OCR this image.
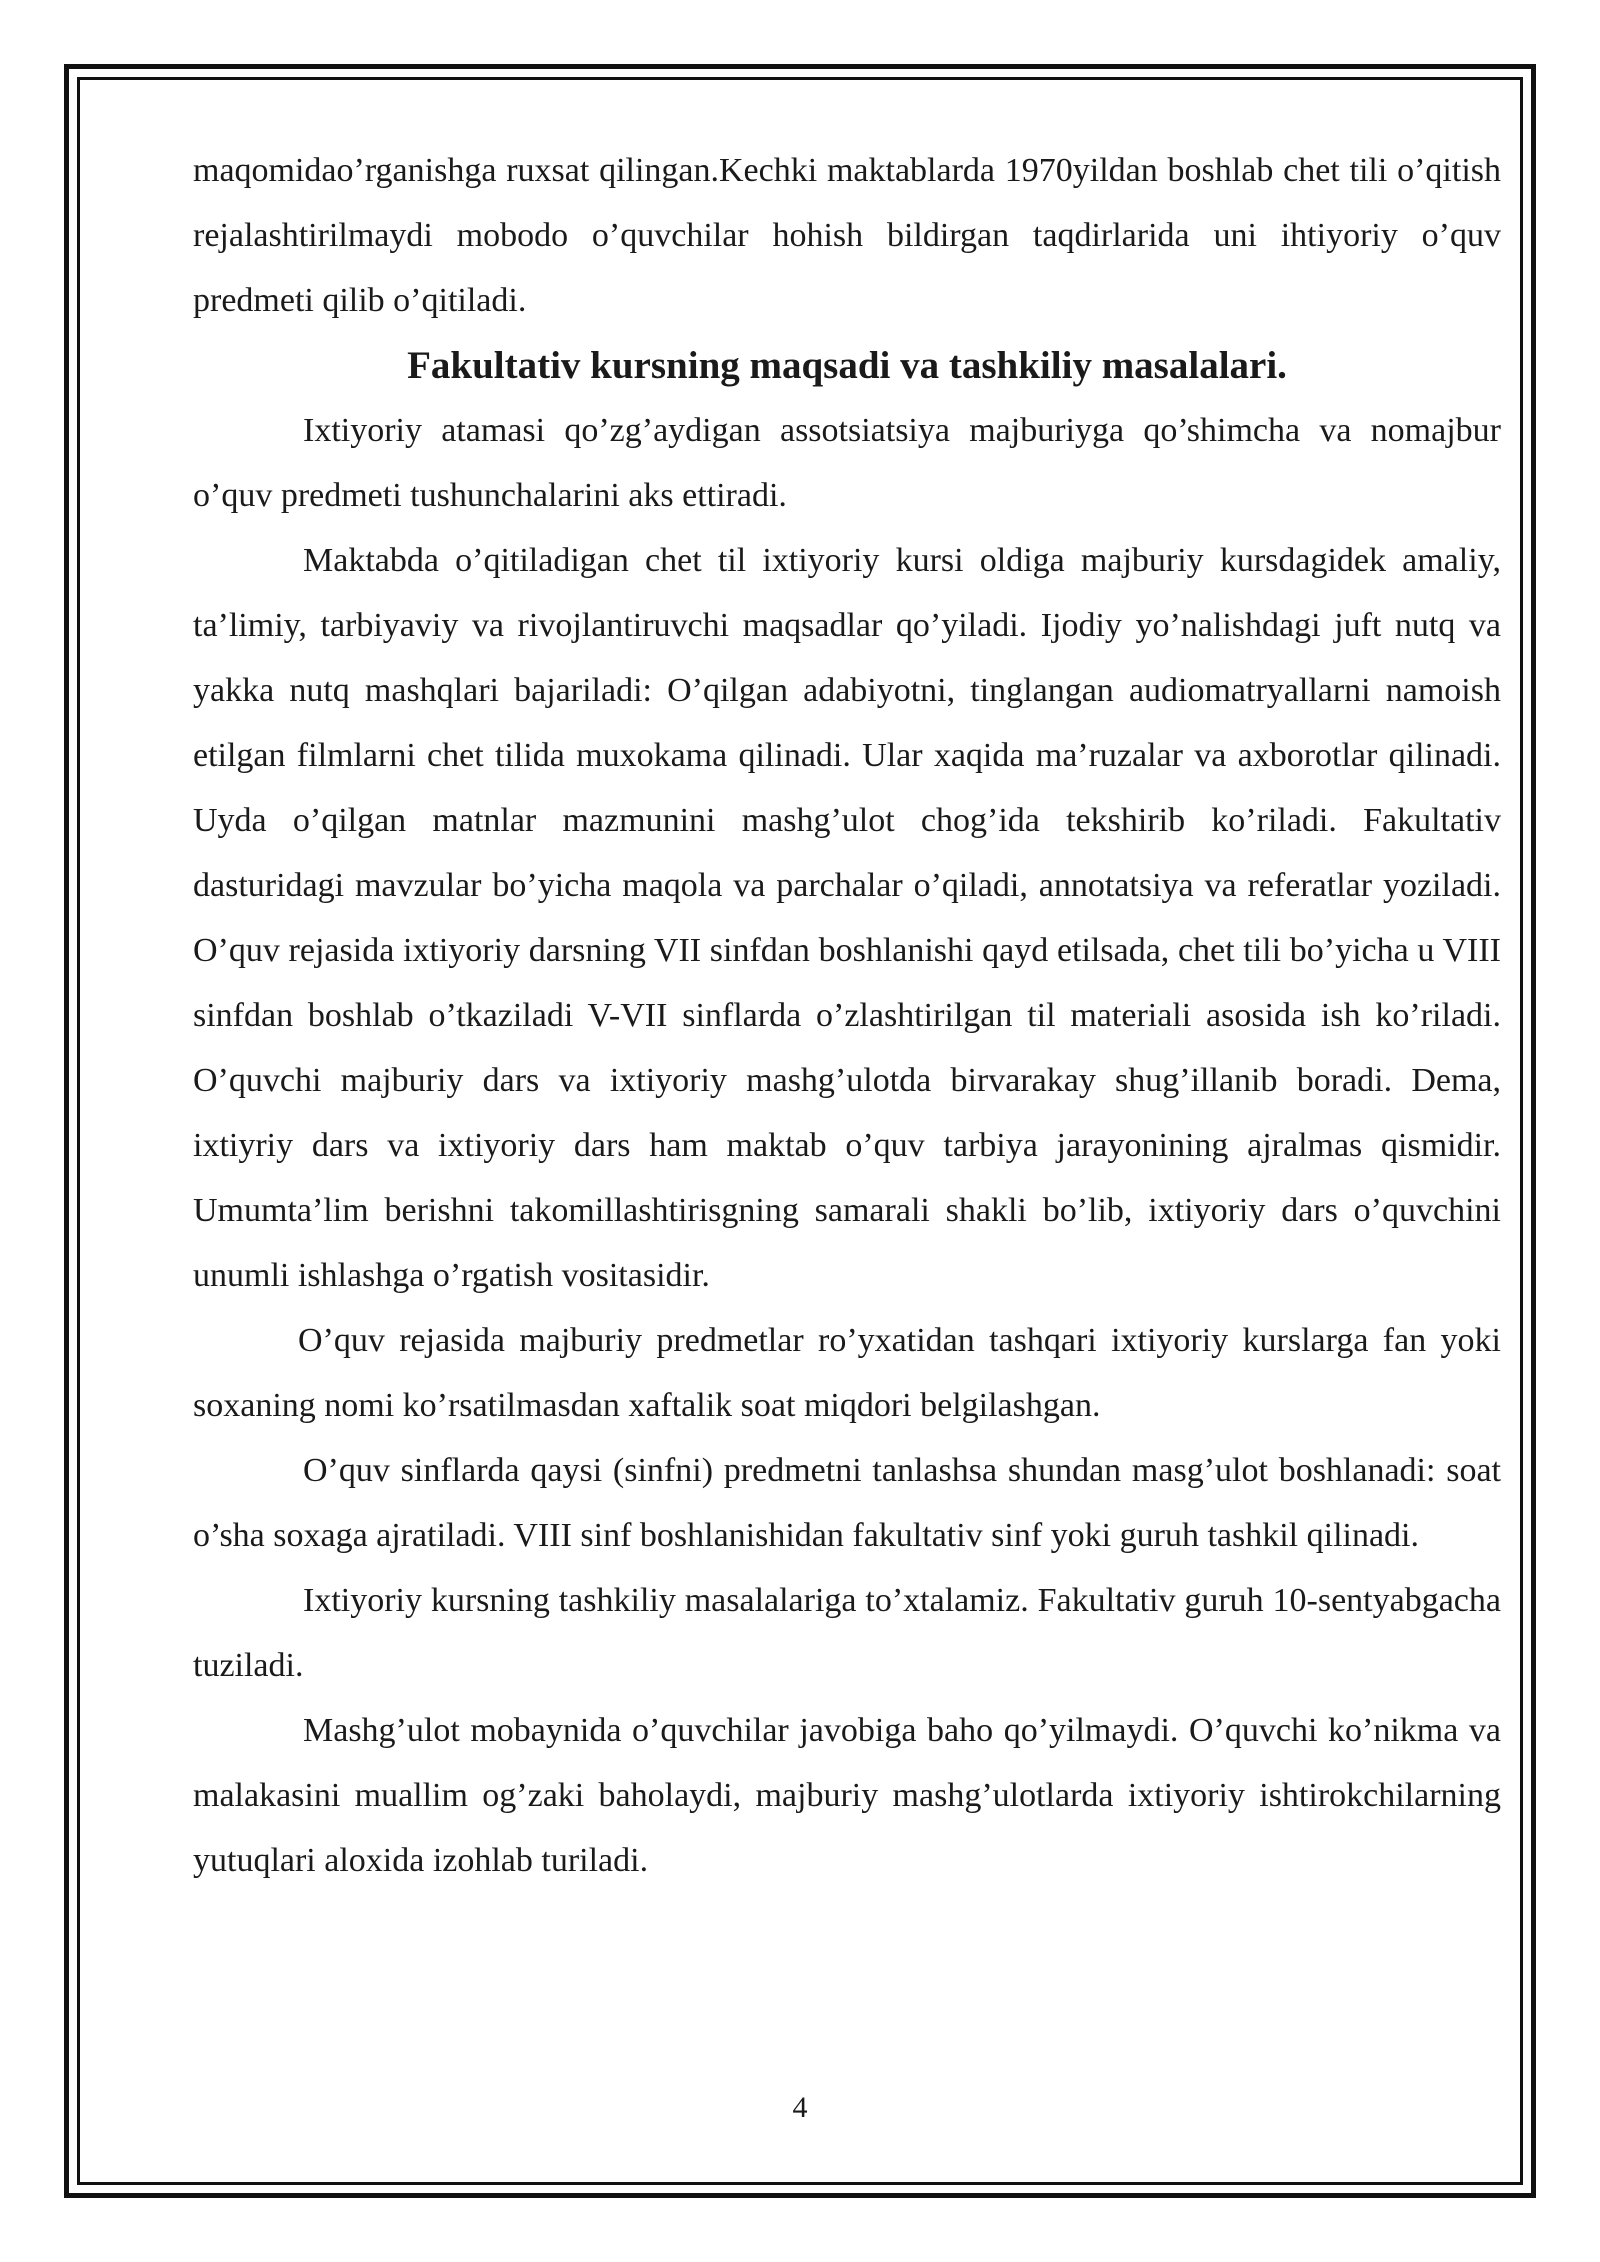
maqomidao’rganishga ruxsat qilingan.Kechki maktablarda 1970yildan boshlab chet tili o’qitish rejalashtirilmaydi mobodo o’quvchilar hohish bildirgan taqdirlarida uni ihtiyoriy o’quv predmeti qilib o’qitiladi.

Fakultativ kursning maqsadi va tashkiliy masalalari.

Ixtiyoriy atamasi qo’zg’aydigan assotsiatsiya majburiyga qo’shimcha va nomajbur o’quv predmeti tushunchalarini aks ettiradi.

Maktabda o’qitiladigan chet til ixtiyoriy kursi oldiga majburiy kursdagidek amaliy, ta’limiy, tarbiyaviy va rivojlantiruvchi maqsadlar qo’yiladi. Ijodiy yo’nalishdagi juft nutq va yakka nutq mashqlari bajariladi: O’qilgan adabiyotni, tinglangan audiomatryallarni namoish etilgan filmlarni chet tilida muxokama qilinadi. Ular xaqida ma’ruzalar va axborotlar qilinadi. Uyda o’qilgan matnlar mazmunini mashg’ulot chog’ida tekshirib ko’riladi. Fakultativ dasturidagi mavzular bo’yicha maqola va parchalar o’qiladi, annotatsiya va referatlar yoziladi. O’quv rejasida ixtiyoriy darsning VII sinfdan boshlanishi qayd etilsada, chet tili bo’yicha u VIII sinfdan boshlab o’tkaziladi V-VII sinflarda o’zlashtirilgan til materiali asosida ish ko’riladi. O’quvchi majburiy dars va ixtiyoriy mashg’ulotda birvarakay shug’illanib boradi. Dema, ixtiyriy dars va ixtiyoriy dars ham maktab o’quv tarbiya jarayonining ajralmas qismidir. Umumta’lim berishni takomillashtirisgning samarali shakli bo’lib, ixtiyoriy dars o’quvchini unumli ishlashga o’rgatish vositasidir.

O’quv rejasida majburiy predmetlar ro’yxatidan tashqari ixtiyoriy kurslarga fan yoki soxaning nomi ko’rsatilmasdan xaftalik soat miqdori belgilashgan.

O’quv sinflarda qaysi (sinfni) predmetni tanlashsa shundan masg’ulot boshlanadi: soat o’sha soxaga ajratiladi. VIII sinf boshlanishidan fakultativ sinf yoki guruh tashkil qilinadi.

Ixtiyoriy kursning tashkiliy masalalariga to’xtalamiz. Fakultativ guruh 10-sentyabgacha tuziladi.

Mashg’ulot mobaynida o’quvchilar javobiga baho qo’yilmaydi. O’quvchi ko’nikma va malakasini muallim og’zaki baholaydi, majburiy mashg’ulotlarda ixtiyoriy ishtirokchilarning yutuqlari aloxida izohlab turiladi.

4
